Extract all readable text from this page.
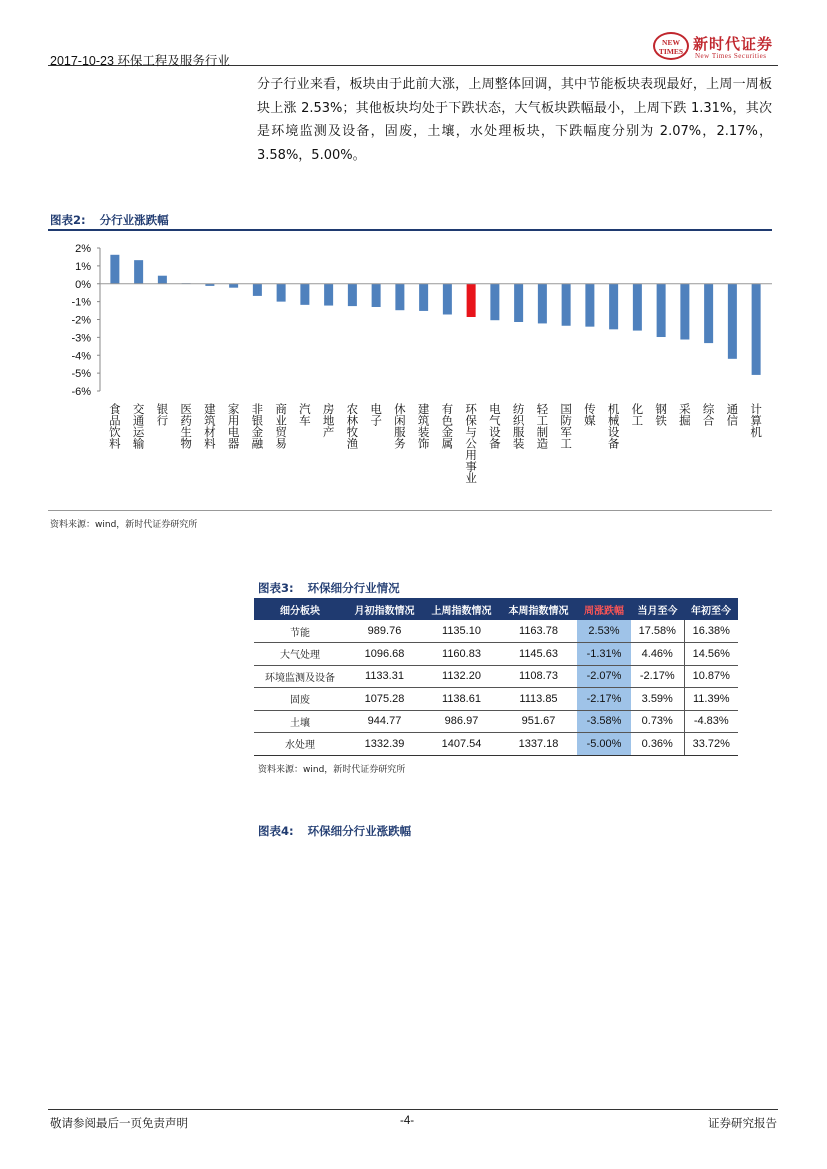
2017-10-23 环保工程及服务行业
NEW TIMES 新时代证券
New Times Securities

分子行业来看，板块由于此前大涨，上周整体回调，其中节能板块表现最好，上周一周板块上涨 2.53%；其他板块均处于下跌状态，大气板块跌幅最小，上周下跌 1.31%，其次是环境监测及设备，固废，土壤，水处理板块，下跌幅度分别为 2.07%，2.17%，3.58%，5.00%。

图表2: 分行业涨跌幅
2%
1%
0%
-1%
-2%
-3%
-4%
-5%
-6%
食品饮料 交通运输 银行 医药生物 建筑材料 家用电器 非银金融 商业贸易 汽车 房地产 农林牧渔 电子 休闲服务 建筑装饰 有色金属 环保与公用事业 电气设备 纺织服装 轻工制造 国防军工 传媒 机械设备 化工 钢铁 采掘 综合 通信 计算机
资料来源：wind，新时代证券研究所
图表3: 环保细分行业情况
细分板块	月初指数情况	上周指数情况	本周指数情况	周涨跌幅	当月至今	年初至今
节能	989.76	1135.10	1163.78	2.53%	17.58%	16.38%
大气处理	1096.68	1160.83	1145.63	-1.31%	4.46%	14.56%
环境监测及设备	1133.31	1132.20	1108.73	-2.07%	-2.17%	10.87%
固废	1075.28	1138.61	1113.85	-2.17%	3.59%	11.39%
土壤	944.77	986.97	951.67	-3.58%	0.73%	-4.83%
水处理	1332.39	1407.54	1337.18	-5.00%	0.36%	33.72%
资料来源：wind，新时代证券研究所
图表4: 环保细分行业涨跌幅
敬请参阅最后一页免责声明	-4-	证券研究报告
